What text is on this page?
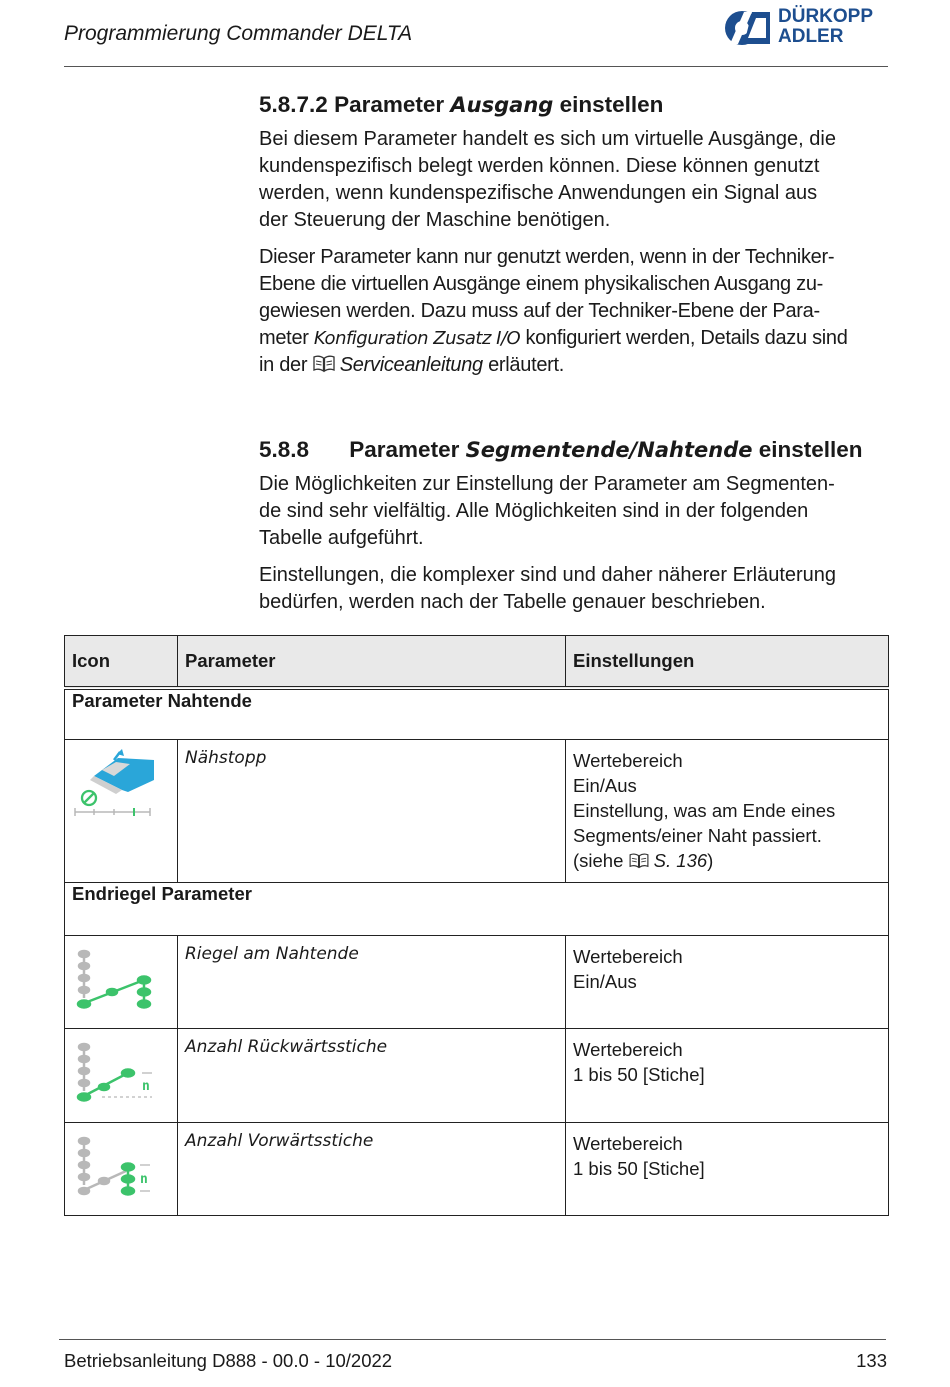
Programmierung Commander DELTA
DÜRKOPP
ADLER
5.8.7.2 Parameter Ausgang einstellen

Bei diesem Parameter handelt es sich um virtuelle Ausgänge, die
kundenspezifisch belegt werden können. Diese können genutzt
werden, wenn kundenspezifische Anwendungen ein Signal aus
der Steuerung der Maschine benötigen.

Dieser Parameter kann nur genutzt werden, wenn in der Techniker-
Ebene die virtuellen Ausgänge einem physikalischen Ausgang zu-
gewiesen werden. Dazu muss auf der Techniker-Ebene der Para-
meter Konfiguration Zusatz I/O konfiguriert werden, Details dazu sind
in der Serviceanleitung erläutert.

5.8.8 Parameter Segmentende/Nahtende einstellen

Die Möglichkeiten zur Einstellung der Parameter am Segmenten-
de sind sehr vielfältig. Alle Möglichkeiten sind in der folgenden
Tabelle aufgeführt.

Einstellungen, die komplexer sind und daher näherer Erläuterung
bedürfen, werden nach der Tabelle genauer beschrieben.

Icon	Parameter	Einstellungen
Parameter Nahtende		
	Nähstopp	Wertebereich
Ein/Aus
Einstellung, was am Ende eines
Segments/einer Naht passiert.
(siehe S. 136)

Endriegel Parameter		
	Riegel am Nahtende	Wertebereich
Ein/Aus

n	Anzahl Rückwärtsstiche	Wertebereich
1 bis 50 [Stiche]

n	Anzahl Vorwärtsstiche	Wertebereich
1 bis 50 [Stiche]
Betriebsanleitung D888 - 00.0 - 10/2022	133
